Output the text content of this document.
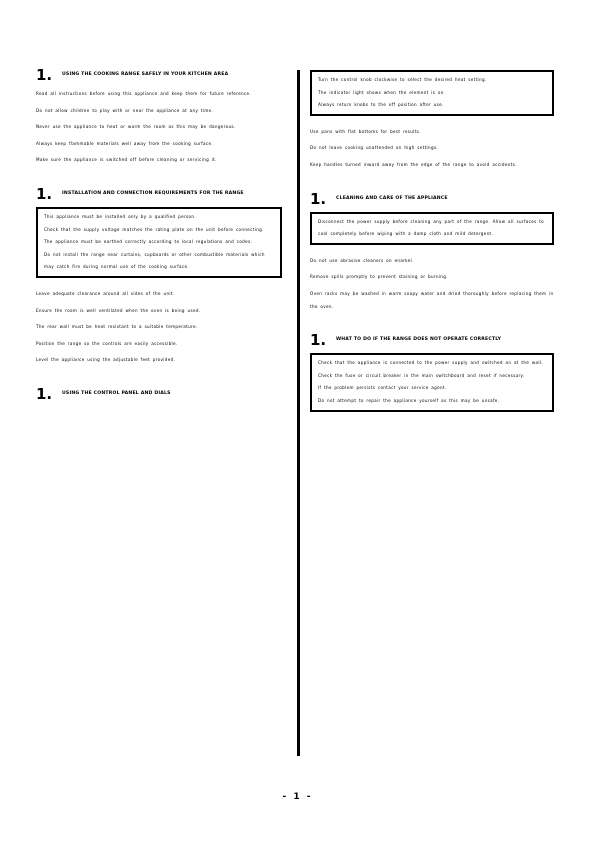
1. USING THE COOKING RANGE SAFELY IN YOUR KITCHEN AREA

Read all instructions before using this appliance and keep them for future reference.

Do not allow children to play with or near the appliance at any time.

Never use the appliance to heat or warm the room as this may be dangerous.

Always keep flammable materials well away from the cooking surface.

Make sure the appliance is switched off before cleaning or servicing it.

1. INSTALLATION AND CONNECTION REQUIREMENTS FOR THE RANGE

This appliance must be installed only by a qualified person.

Check that the supply voltage matches the rating plate on the unit before connecting.

The appliance must be earthed correctly according to local regulations and codes.

Do not install the range near curtains, cupboards or other combustible materials which may catch fire during normal use of the cooking surface.

Leave adequate clearance around all sides of the unit.

Ensure the room is well ventilated when the oven is being used.

The rear wall must be heat resistant to a suitable temperature.

Position the range so the controls are easily accessible.

Level the appliance using the adjustable feet provided.

1. USING THE CONTROL PANEL AND DIALS

Turn the control knob clockwise to select the desired heat setting.

The indicator light shows when the element is on.

Always return knobs to the off position after use.

Use pans with flat bottoms for best results.

Do not leave cooking unattended on high settings.

Keep handles turned inward away from the edge of the range to avoid accidents.

1. CLEANING AND CARE OF THE APPLIANCE

Disconnect the power supply before cleaning any part of the range. Allow all surfaces to cool completely before wiping with a damp cloth and mild detergent.

Do not use abrasive cleaners on enamel.

Remove spills promptly to prevent staining or burning.

Oven racks may be washed in warm soapy water and dried thoroughly before replacing them in the oven.

1. WHAT TO DO IF THE RANGE DOES NOT OPERATE CORRECTLY

Check that the appliance is connected to the power supply and switched on at the wall.

Check the fuse or circuit breaker in the main switchboard and reset if necessary.

If the problem persists contact your service agent.

Do not attempt to repair the appliance yourself as this may be unsafe.

- 1 -
